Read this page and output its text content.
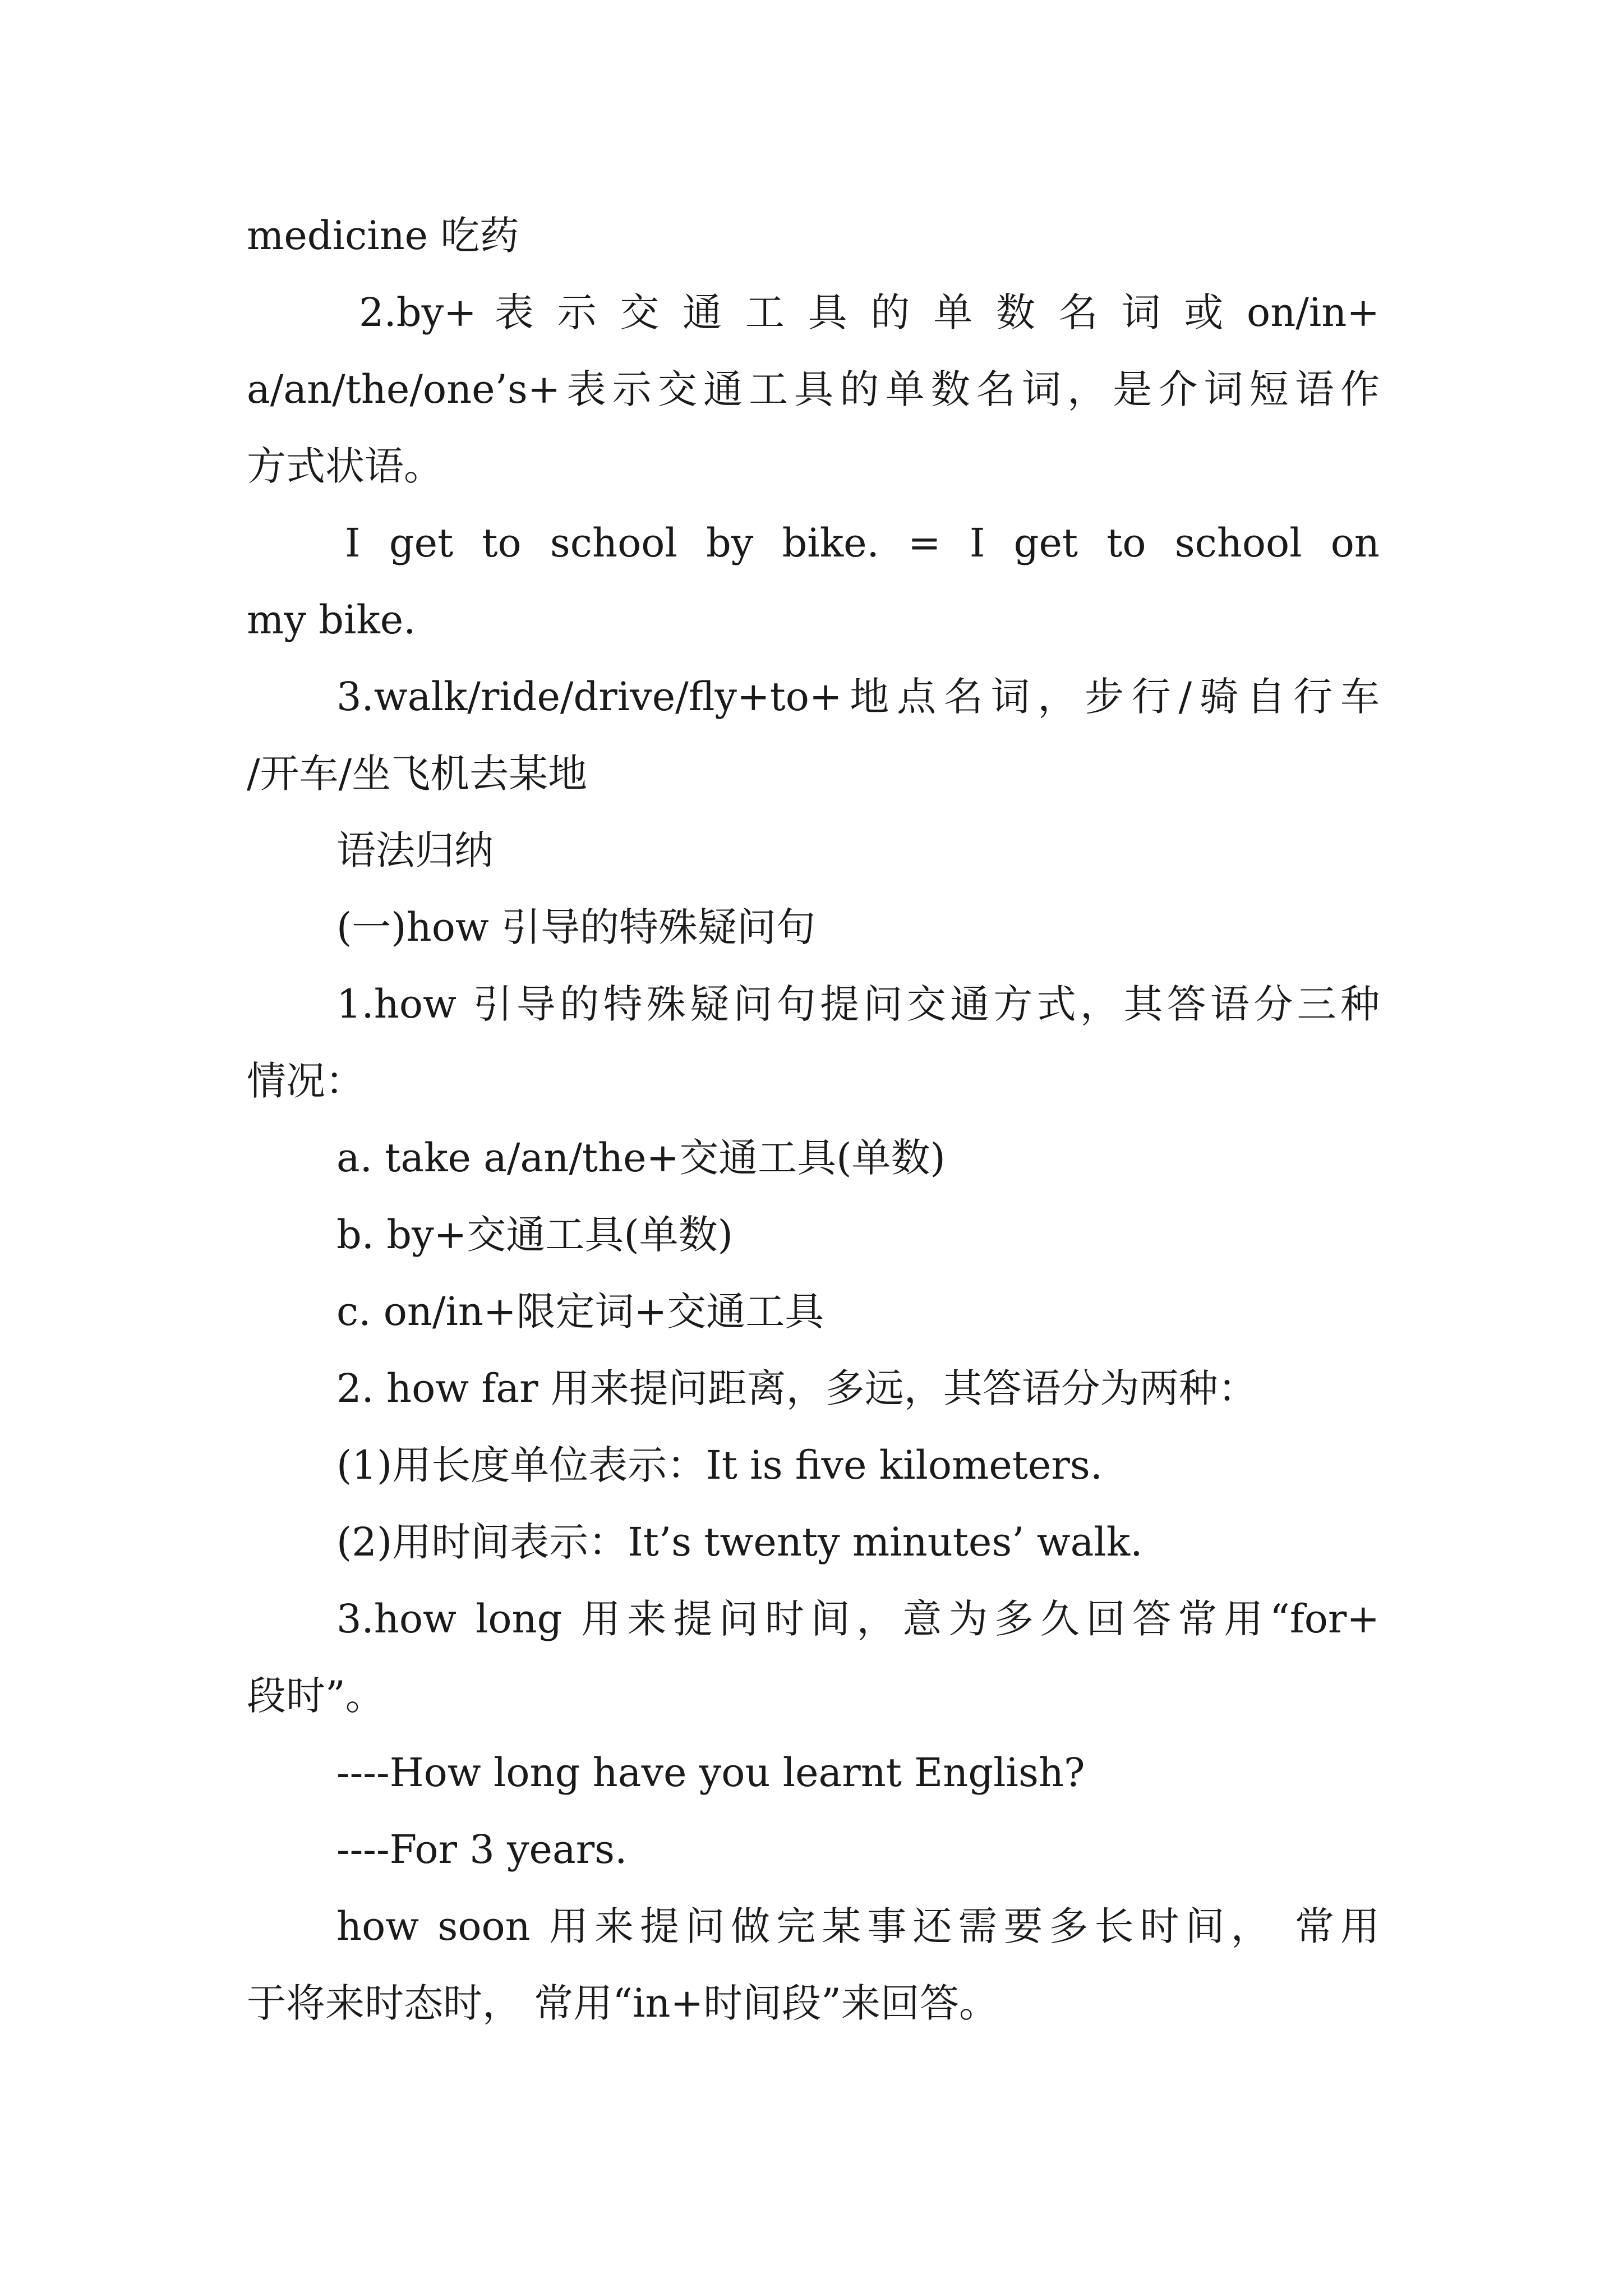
medicine 吃药
2.by+ 表 示 交 通 工 具 的 单 数 名 词 或 on/in+
a/an/the/one’s+表示交通工具的单数名词，是介词短语作
方式状语。
I get to school by bike. = I get to school on
my bike.
3.walk/ride/drive/fly+to+地点名词，步行/骑自行车
/开车/坐飞机去某地
语法归纳
(一)how 引导的特殊疑问句
1.how 引导的特殊疑问句提问交通方式，其答语分三种
情况：
a. take a/an/the+交通工具(单数)
b. by+交通工具(单数)
c. on/in+限定词+交通工具
2. how far 用来提问距离，多远，其答语分为两种：
(1)用长度单位表示：It is five kilometers.
(2)用时间表示：It’s twenty minutes’ walk.
3.how long 用来提问时间，意为多久回答常用“for+
段时”。
----How long have you learnt English?
----For 3 years.
how soon 用来提问做完某事还需要多长时间， 常用
于将来时态时， 常用“in+时间段”来回答。
